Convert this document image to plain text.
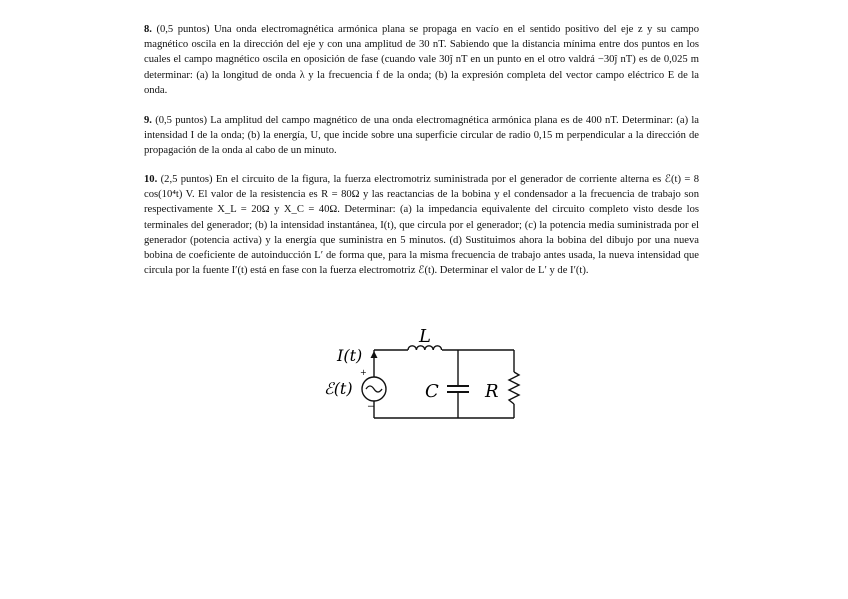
8. (0,5 puntos) Una onda electromagnética armónica plana se propaga en vacío en el sentido positivo del eje z y su campo magnético oscila en la dirección del eje y con una amplitud de 30 nT. Sabiendo que la distancia mínima entre dos puntos en los cuales el campo magnético oscila en oposición de fase (cuando vale 30ĵ nT en un punto en el otro valdrá −30ĵ nT) es de 0,025 m determinar: (a) la longitud de onda λ y la frecuencia f de la onda; (b) la expresión completa del vector campo eléctrico E de la onda.
9. (0,5 puntos) La amplitud del campo magnético de una onda electromagnética armónica plana es de 400 nT. Determinar: (a) la intensidad I de la onda; (b) la energía, U, que incide sobre una superficie circular de radio 0,15 m perpendicular a la dirección de propagación de la onda al cabo de un minuto.
10. (2,5 puntos) En el circuito de la figura, la fuerza electromotriz suministrada por el generador de corriente alterna es ℰ(t) = 8 cos(10⁴t) V. El valor de la resistencia es R = 80Ω y las reactancias de la bobina y el condensador a la frecuencia de trabajo son respectivamente X_L = 20Ω y X_C = 40Ω. Determinar: (a) la impedancia equivalente del circuito completo visto desde los terminales del generador; (b) la intensidad instantánea, I(t), que circula por el generador; (c) la potencia media suministrada por el generador (potencia activa) y la energía que suministra en 5 minutos. (d) Sustituimos ahora la bobina del dibujo por una nueva bobina de coeficiente de autoinducción L′ de forma que, para la misma frecuencia de trabajo antes usada, la nueva intensidad que circula por la fuente I′(t) está en fase con la fuerza electromotriz ℰ(t). Determinar el valor de L′ y de I′(t).
L
C	R
I(t)
ℰ(t)
+
−
